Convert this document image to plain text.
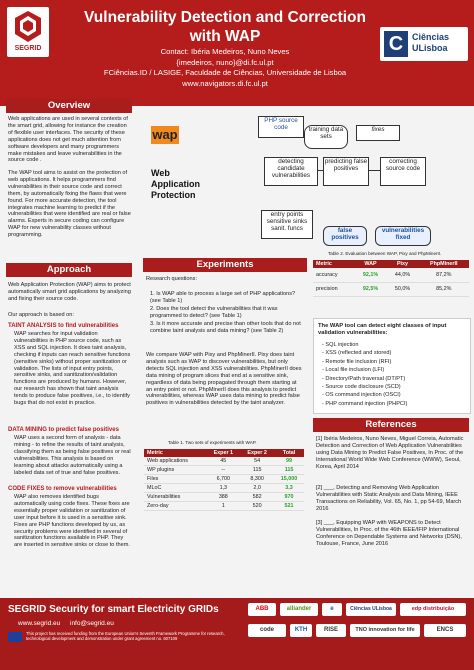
SEGRID
Vulnerability Detection and Correction
with WAP
Contact: Ibéria Medeiros, Nuno Neves
{imedeiros, nuno}@di.fc.ul.pt
FCiências.ID / LASIGE, Faculdade de Ciências, Universidade de Lisboa
www.navigators.di.fc.ul.pt
C Ciências ULisboa
Overview
Web applications are used in several contexts of the smart grid, allowing for instance the creation of flexible user interfaces. The security of these applications does not get much attention from software developers and many programmers make mistakes and leave vulnerabilities in the source code .
The WAP tool aims to assist on the protection of web applications. It helps programmers find vulnerabilities in their source code and correct them, by automatically fixing the flaws that were found. For more accurate detection, the tool integrates machine learning to predict if the vulnerabilities that were identified are real or false alarms. Experts in secure coding can configure WAP for new vulnerability classes without programming.
wap
Web
Application
Protection
PHP source code	training data sets
fixes
detecting candidate vulnerabilities
predicting false positives
correcting source code
entry points sensitive sinks sanit. funcs	false positives
vulnerabilities fixed
Approach
Web Application Protection (WAP) aims to protect automatically smart grid applications by analyzing and fixing their source code.
Our approach is based on:
TAINT ANALYSIS to find vulnerabilities
WAP searches for input validation vulnerabilities in PHP source code, such as XSS and SQL injection. It does taint analysis, checking if inputs can reach sensitive functions (sensitive sinks) without proper sanitization or validation. The lists of input entry points, sensitive sinks, and sanitization/validation functions are produced by humans. However, our research has shown that taint analysis tends to produce false positives, i.e., to identify bugs that do not exist in practice.
DATA MINING to predict false positives
WAP uses a second form of analysis - data mining - to refine the results of taint analysis, classifying them as being false positives or real vulnerabilities. This analysis is based on learning about attacks automatically using a labeled data set of true and false positives.
CODE FIXES to remove vulnerabilities
WAP also removes identified bugs automatically using code fixes. These fixes are essentially proper validation or sanitization of user input before it is used in a sensitive sink. Fixes are PHP functions developed by us, as security problems were identified in several of sanitization functions available in PHP. They are inserted in sensitive sinks or close to them.
Experiments
Research questions:
1. Is WAP able to process a large set of PHP applications? (see Table 1)
2. Does the tool detect the vulnerabilities that it was programmed to detect? (see Table 1)
3. Is it more accurate and precise than other tools that do not combine taint analysis and data mining? (see Table 2)
We compare WAP with Pixy and PhpMinerII. Pixy does taint analysis such as WAP to discover vulnerabilities, but only detects SQL injection and XSS vulnerabilities. PhpMinerII does data mining of program slices that end at a sensitive sink, regardless of data being propagated through them starting at an entry point or not. PhpMinerII does this analysis to predict vulnerabilities, whereas WAP uses data mining to predict false positives in vulnerabilities detected by the taint analyzer.
Table 1. Two sets of experiments with WAP.
Metric	Exper 1	Exper 2	Total
Web applications	45	54	99
WP plugins	--	115	115
Files	6,700	8,300	15,000
MLoC	1,3	2,0	3,3
Vulnerabilities	388	582	970
Zero-day	1	520	521
Table 2. Evaluation between WAP, Pixy and PhpMinerII.
Metric	WAP	Pixy	PhpMinerII
accuracy	92,1%	44,0%	87,2%
precision	92,5%	50,0%	85,2%
The WAP tool can detect eight classes of input validation vulnerabilities:
- SQL injection
- XSS (reflected and stored)
- Remote file inclusion (RFI)
- Local file inclusion (LFI)
- Directory/Path traversal (DT/PT)
- Source code disclosure (SCD)
- OS command injection (OSCI)
- PHP command injection (PHPCI)
References
[1] Ibéria Medeiros, Nuno Neves, Miguel Correia, Automatic Detection and Correction of Web Application Vulnerabilities using Data Mining to Predict False Positives, In Proc. of the International World Wide Web Conference (WWW), Seoul, Korea, April 2014
[2] ___, Detecting and Removing Web Application Vulnerabilities with Static Analysis and Data Mining, IEEE Transactions on Reliability, Vol. 65, No. 1, pp 54-69, March 2016
[3] ___, Equipping WAP with WEAPONS to Detect Vulnerabilities, In Proc. of the 46th IEEE/IFIP International Conference on Dependable Systems and Networks (DSN), Toulouse, France, June 2016
SEGRID Security for smart Electricity GRIDs
www.segrid.eu info@segrid.eu
This project has received funding from the European Union's Seventh Framework Programme for research, technological development and demonstration under grant agreement no. 607109
ABB	alliander	e	Ciências ULisboa	edp distribuição
code	KTH	RISE	TNO innovation for life	ENCS
